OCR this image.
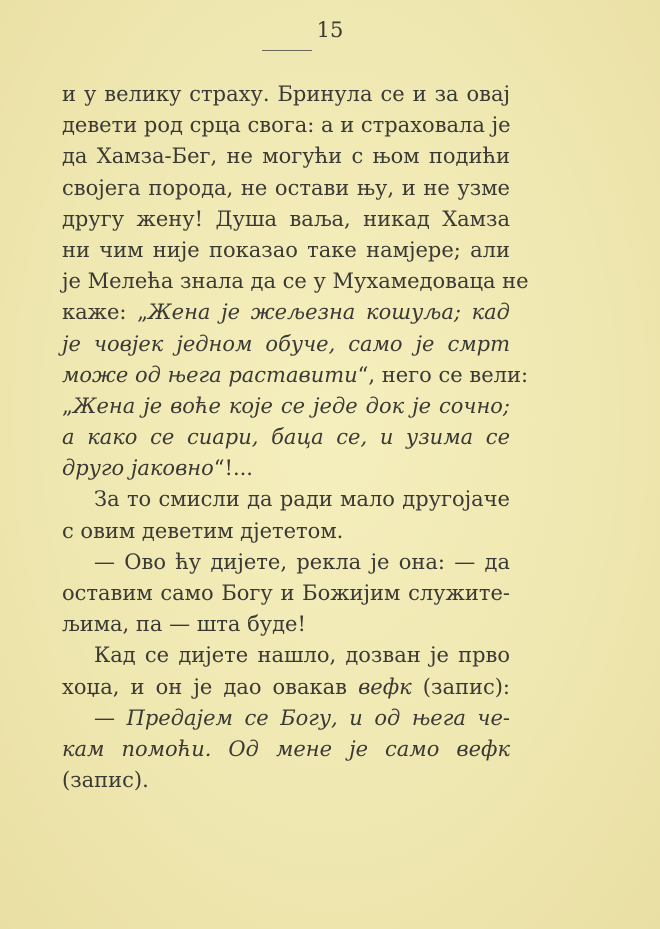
15
и у велику страху. Бринула се и за овај
девети род срца свога: а и страховала је
да Хамза-Бег, не могући с њом подићи
својега порода, не остави њу, и не узме
другу жену! Душа ваља, никад Хамза
ни чим није показао таке намјере; али
је Мелећа знала да се у Мухамедоваца не
каже: „Жена је жељезна кошуља; кад
је човјек једном обуче, само је смрт
може од њега раставити“, него се вели:
„Жена је воће које се једе док је сочно;
а како се сиари, баца се, и узима се
друго јаковно“!...
За то смисли да ради мало другојаче
с овим деветим дјететом.
— Ово ћу дијете, рекла је она: — да
оставим само Богу и Божијим служите-
љима, па — шта буде!
Кад се дијете нашло, дозван је прво
хоџа, и он је дао овакав вефк (запис):
— Предајем се Богу, и од њега че-
кам помоћи. Од мене је само вефк
(запис).
